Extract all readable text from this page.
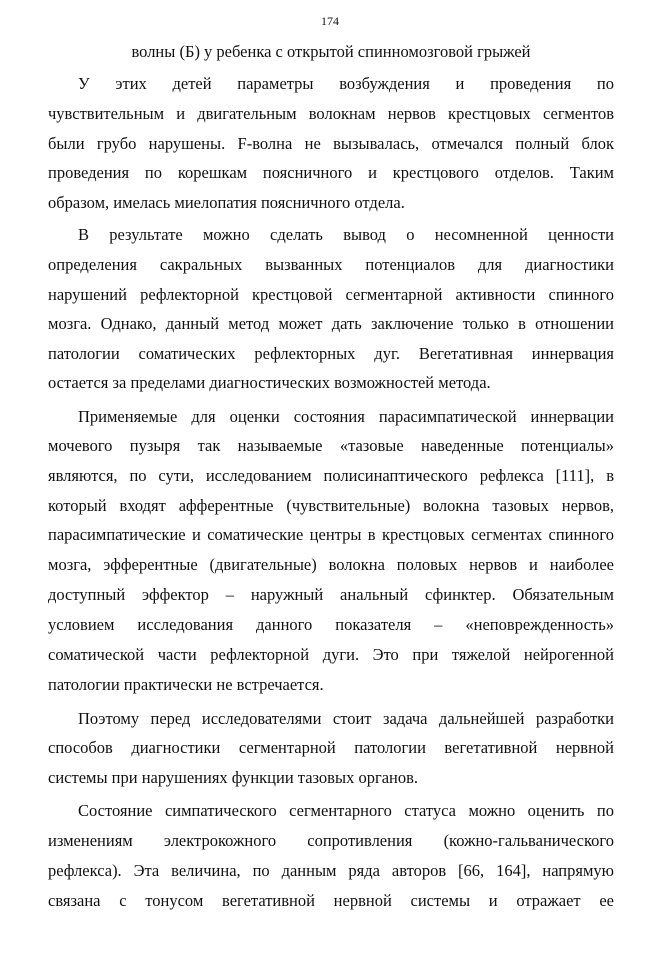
174
волны (Б) у ребенка с открытой спинномозговой грыжей
У этих детей параметры возбуждения и проведения по
чувствительным и двигательным волокнам нервов крестцовых сегментов
были грубо нарушены. F-волна не вызывалась, отмечался полный блок
проведения по корешкам поясничного и крестцового отделов. Таким
образом, имелась миелопатия поясничного отдела.
В результате можно сделать вывод о несомненной ценности
определения сакральных вызванных потенциалов для диагностики
нарушений рефлекторной крестцовой сегментарной активности спинного
мозга. Однако, данный метод может дать заключение только в отношении
патологии соматических рефлекторных дуг. Вегетативная иннервация
остается за пределами диагностических возможностей метода.
Применяемые для оценки состояния парасимпатической иннервации
мочевого пузыря так называемые «тазовые наведенные потенциалы»
являются, по сути, исследованием полисинаптического рефлекса [111], в
который входят афферентные (чувствительные) волокна тазовых нервов,
парасимпатические и соматические центры в крестцовых сегментах спинного
мозга, эфферентные (двигательные) волокна половых нервов и наиболее
доступный эффектор – наружный анальный сфинктер. Обязательным
условием исследования данного показателя – «неповрежденность»
соматической части рефлекторной дуги. Это при тяжелой нейрогенной
патологии практически не встречается.
Поэтому перед исследователями стоит задача дальнейшей разработки
способов диагностики сегментарной патологии вегетативной нервной
системы при нарушениях функции тазовых органов.
Состояние симпатического сегментарного статуса можно оценить по
изменениям электрокожного сопротивления (кожно-гальванического
рефлекса). Эта величина, по данным ряда авторов [66, 164], напрямую
связана с тонусом вегетативной нервной системы и отражает ее
